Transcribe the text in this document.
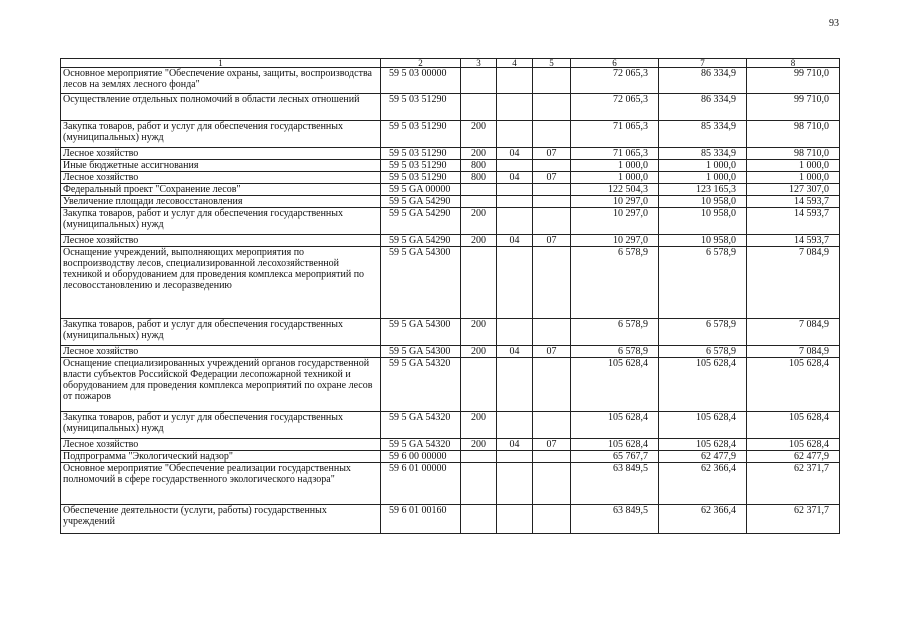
93
1	2	3	4	5	6	7	8
Основное мероприятие "Обеспечение охраны, защиты, воспроизводства лесов на землях лесного фонда"	59 5 03 00000				72 065,3	86 334,9	99 710,0
Осуществление отдельных полномочий в области лесных отношений	59 5 03 51290				72 065,3	86 334,9	99 710,0
Закупка товаров, работ и услуг для обеспечения государственных (муниципальных) нужд	59 5 03 51290	200			71 065,3	85 334,9	98 710,0
Лесное хозяйство	59 5 03 51290	200	04	07	71 065,3	85 334,9	98 710,0
Иные бюджетные ассигнования	59 5 03 51290	800			1 000,0	1 000,0	1 000,0
Лесное хозяйство	59 5 03 51290	800	04	07	1 000,0	1 000,0	1 000,0
Федеральный проект "Сохранение лесов"	59 5 GA 00000				122 504,3	123 165,3	127 307,0
Увеличение площади лесовосстановления	59 5 GA 54290				10 297,0	10 958,0	14 593,7
Закупка товаров, работ и услуг для обеспечения государственных (муниципальных) нужд	59 5 GA 54290	200			10 297,0	10 958,0	14 593,7
Лесное хозяйство	59 5 GA 54290	200	04	07	10 297,0	10 958,0	14 593,7
Оснащение учреждений, выполняющих мероприятия по воспроизводству лесов, специализированной лесохозяйственной техникой и оборудованием для проведения комплекса мероприятий по лесовосстановлению и лесоразведению	59 5 GA 54300				6 578,9	6 578,9	7 084,9
Закупка товаров, работ и услуг для обеспечения государственных (муниципальных) нужд	59 5 GA 54300	200			6 578,9	6 578,9	7 084,9
Лесное хозяйство	59 5 GA 54300	200	04	07	6 578,9	6 578,9	7 084,9
Оснащение специализированных учреждений органов государственной власти субъектов Российской Федерации лесопожарной техникой и оборудованием для проведения комплекса мероприятий по охране лесов от пожаров	59 5 GA 54320				105 628,4	105 628,4	105 628,4
Закупка товаров, работ и услуг для обеспечения государственных (муниципальных) нужд	59 5 GA 54320	200			105 628,4	105 628,4	105 628,4
Лесное хозяйство	59 5 GA 54320	200	04	07	105 628,4	105 628,4	105 628,4
Подпрограмма "Экологический надзор"	59 6 00 00000				65 767,7	62 477,9	62 477,9
Основное мероприятие "Обеспечение реализации государственных полномочий в сфере государственного экологического надзора"	59 6 01 00000				63 849,5	62 366,4	62 371,7
Обеспечение деятельности (услуги, работы) государственных учреждений	59 6 01 00160				63 849,5	62 366,4	62 371,7
